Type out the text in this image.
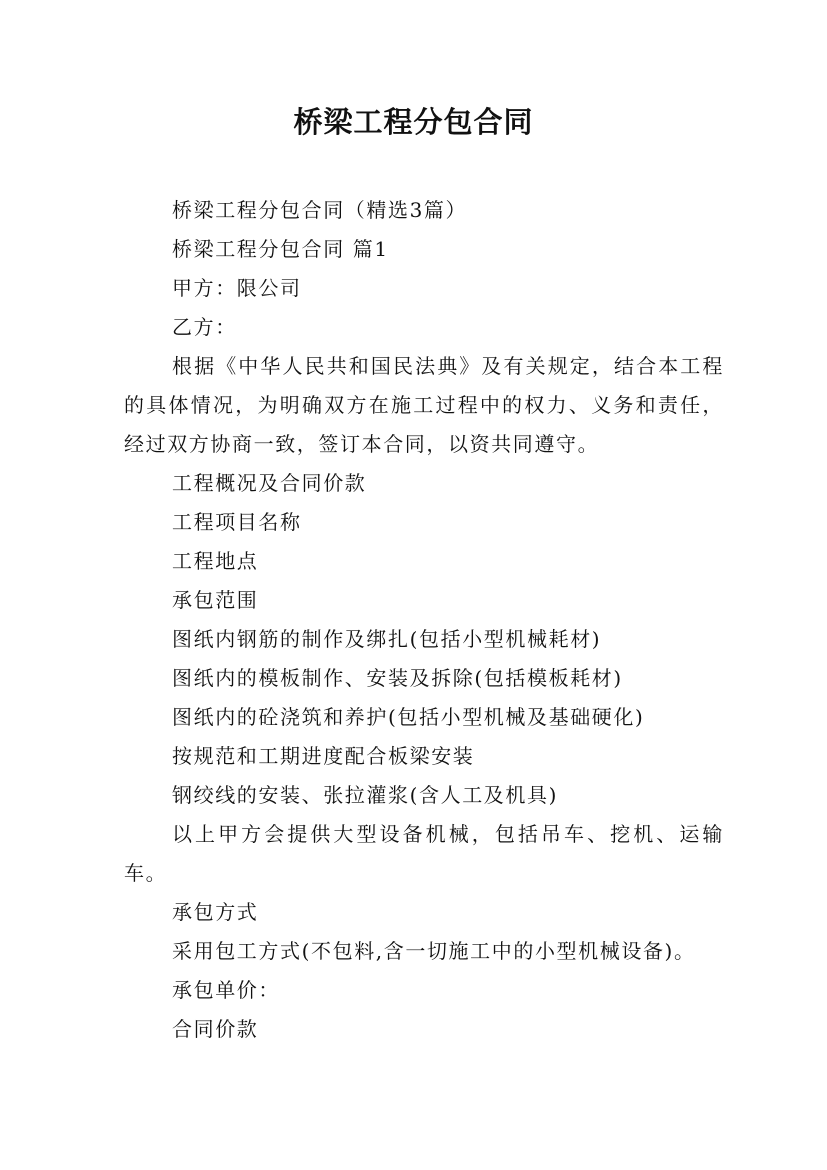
桥梁工程分包合同

桥梁工程分包合同（精选3篇）

桥梁工程分包合同 篇1

甲方：限公司

乙方：

根据《中华人民共和国民法典》及有关规定，结合本工程的具体情况，为明确双方在施工过程中的权力、义务和责任，经过双方协商一致，签订本合同，以资共同遵守。

工程概况及合同价款

工程项目名称

工程地点

承包范围

图纸内钢筋的制作及绑扎(包括小型机械耗材)

图纸内的模板制作、安装及拆除(包括模板耗材)

图纸内的砼浇筑和养护(包括小型机械及基础硬化)

按规范和工期进度配合板梁安装

钢绞线的安装、张拉灌浆(含人工及机具)

以上甲方会提供大型设备机械，包括吊车、挖机、运输车。

承包方式

采用包工方式(不包料,含一切施工中的小型机械设备)。

承包单价：

合同价款
